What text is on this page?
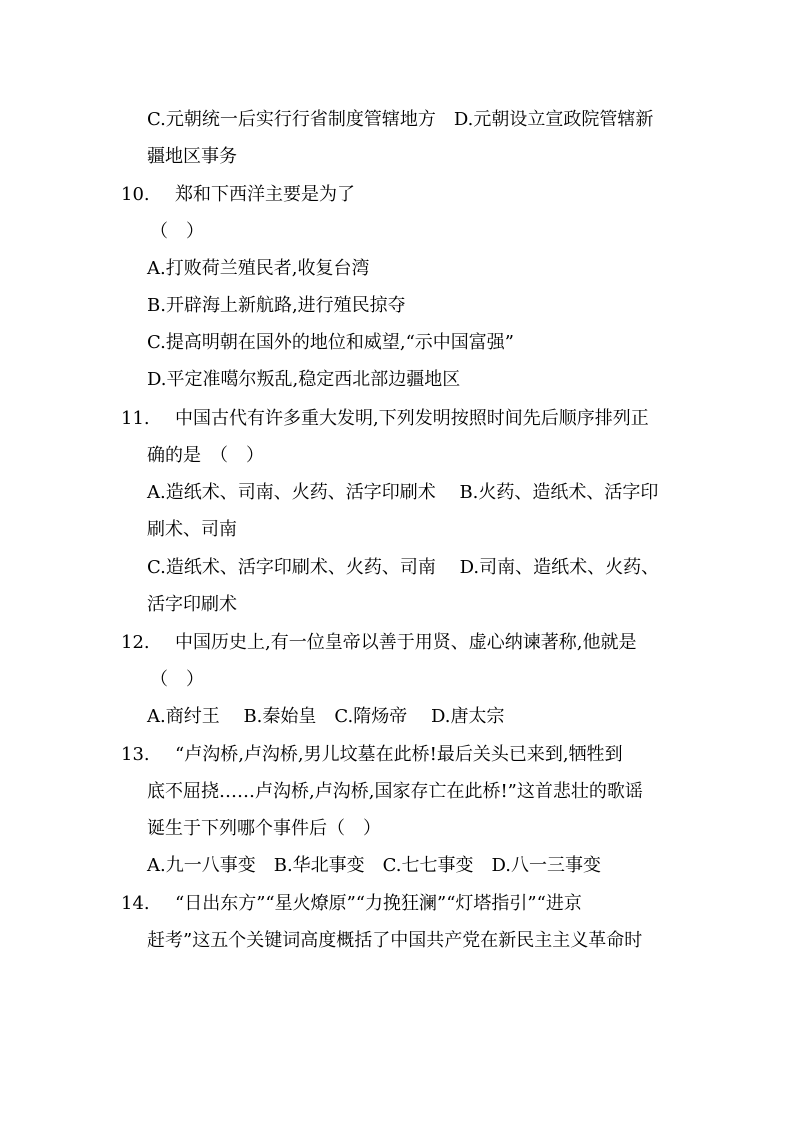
C.元朝统一后实行行省制度管辖地方　D.元朝设立宣政院管辖新
疆地区事务
10. 郑和下西洋主要是为了
（　）
A.打败荷兰殖民者,收复台湾
B.开辟海上新航路,进行殖民掠夺
C.提高明朝在国外的地位和威望,“示中国富强”
D.平定准噶尔叛乱,稳定西北部边疆地区
11. 中国古代有许多重大发明,下列发明按照时间先后顺序排列正
确的是　（　）
A.造纸术、司南、火药、活字印刷术　 B.火药、造纸术、活字印
刷术、司南
C.造纸术、活字印刷术、火药、司南　 D.司南、造纸术、火药、
活字印刷术
12. 中国历史上,有一位皇帝以善于用贤、虚心纳谏著称,他就是
（　）
A.商纣王　 B.秦始皇　C.隋炀帝　 D.唐太宗
13. “卢沟桥,卢沟桥,男儿坟墓在此桥!最后关头已来到,牺牲到
底不屈挠……卢沟桥,卢沟桥,国家存亡在此桥!”这首悲壮的歌谣
诞生于下列哪个事件后（　）
A.九一八事变　B.华北事变　C.七七事变　D.八一三事变
14. “日出东方”“星火燎原”“力挽狂澜”“灯塔指引”“进京
赶考”这五个关键词高度概括了中国共产党在新民主主义革命时
